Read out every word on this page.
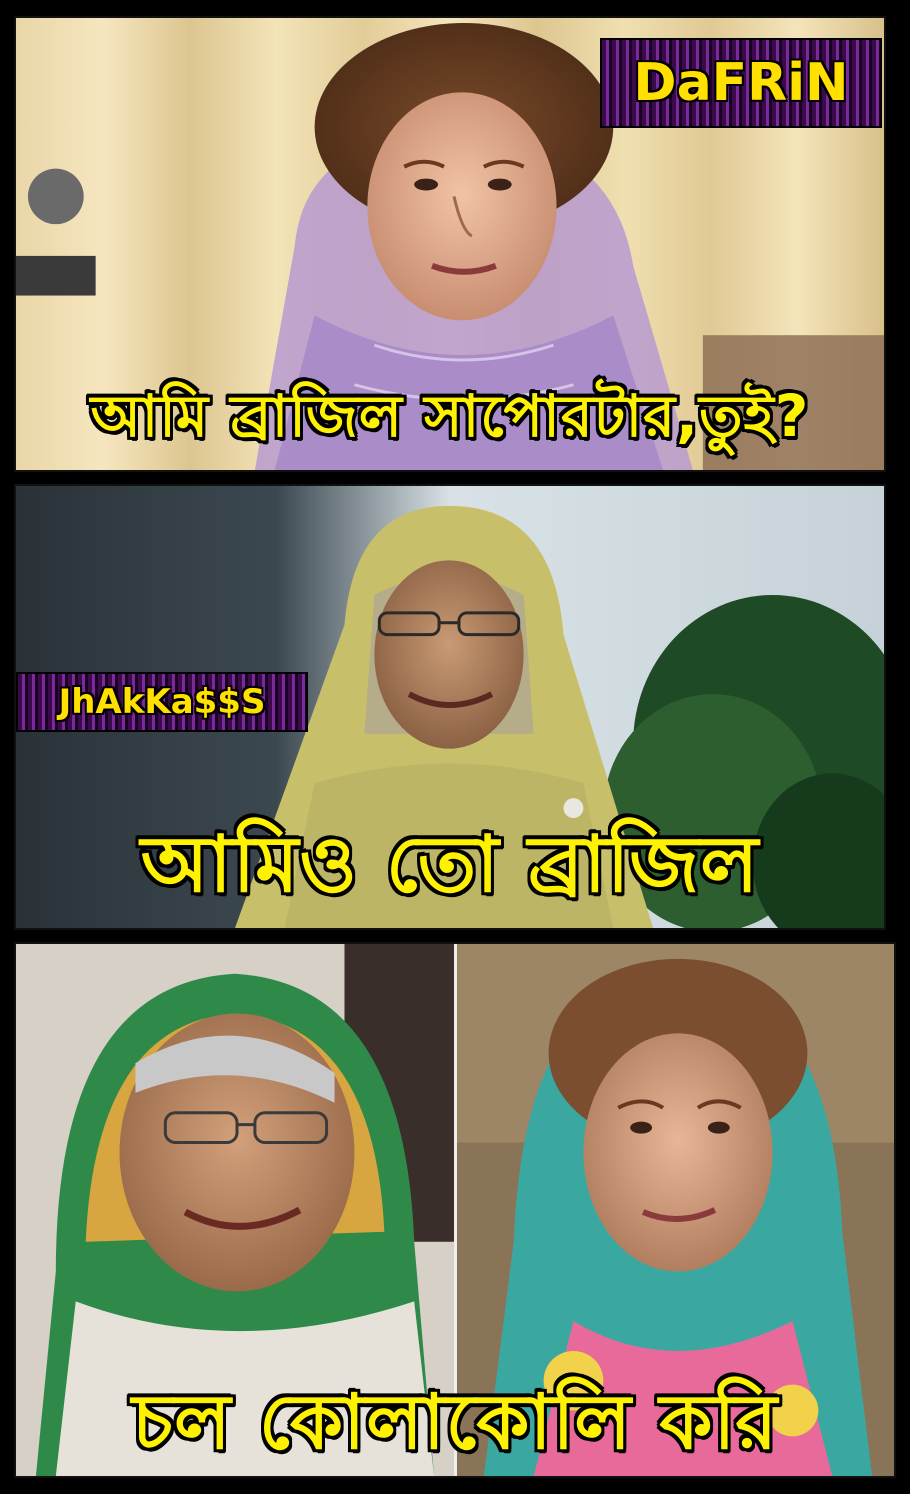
DaFRiN
আমি ব্রাজিল সাপোরটার,তুই?
JhAkKa$$S
আমিও তো ব্রাজিল
চল কোলাকোলি করি
